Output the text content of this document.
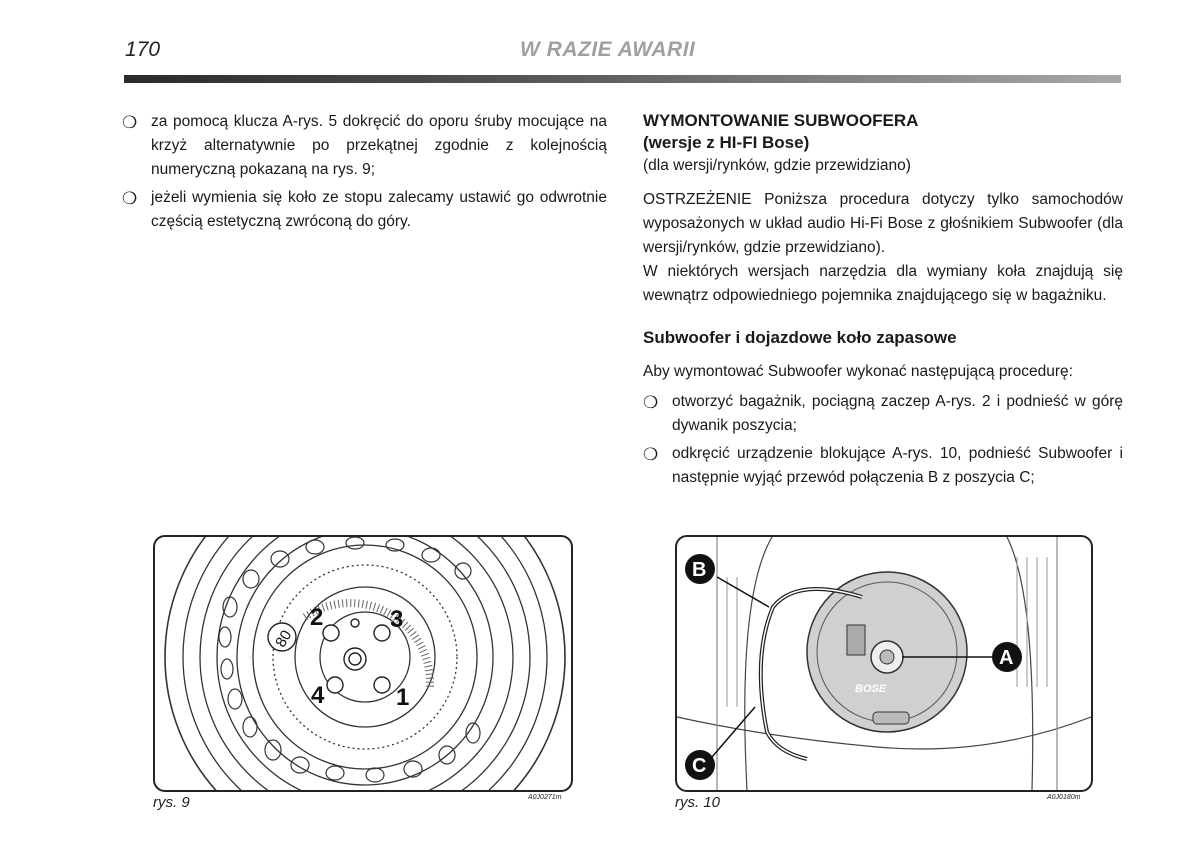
170	W RAZIE AWARII

❍ za pomocą klucza A-rys. 5 dokręcić do oporu śruby mocujące na krzyż alternatywnie po przekątnej zgodnie z kolejnością numeryczną pokazaną na rys. 9;

❍ jeżeli wymienia się koło ze stopu zalecamy ustawić go odwrotnie częścią estetyczną zwróconą do góry.

WYMONTOWANIE SUBWOOFERA

(wersje z HI-FI Bose)

(dla wersji/rynków, gdzie przewidziano)

OSTRZEŻENIE Poniższa procedura dotyczy tylko samochodów wyposażonych w układ audio Hi-Fi Bose z głośnikiem Subwoofer (dla wersji/rynków, gdzie przewidziano).

W niektórych wersjach narzędzia dla wymiany koła znajdują się wewnątrz odpowiedniego pojemnika znajdującego się w bagażniku.

Subwoofer i dojazdowe koło zapasowe

Aby wymontować Subwoofer wykonać następującą procedurę:

❍ otworzyć bagażnik, pociągną zaczep A-rys. 2 i podnieść w górę dywanik poszycia;

❍ odkręcić urządzenie blokujące A-rys. 10, podnieść Subwoofer i następnie wyjąć przewód połączenia B z poszycia C;

1
2	3
4
80
rys. 9	A0J0271m
BOSE
A
B
C
rys. 10	A0J0180m
